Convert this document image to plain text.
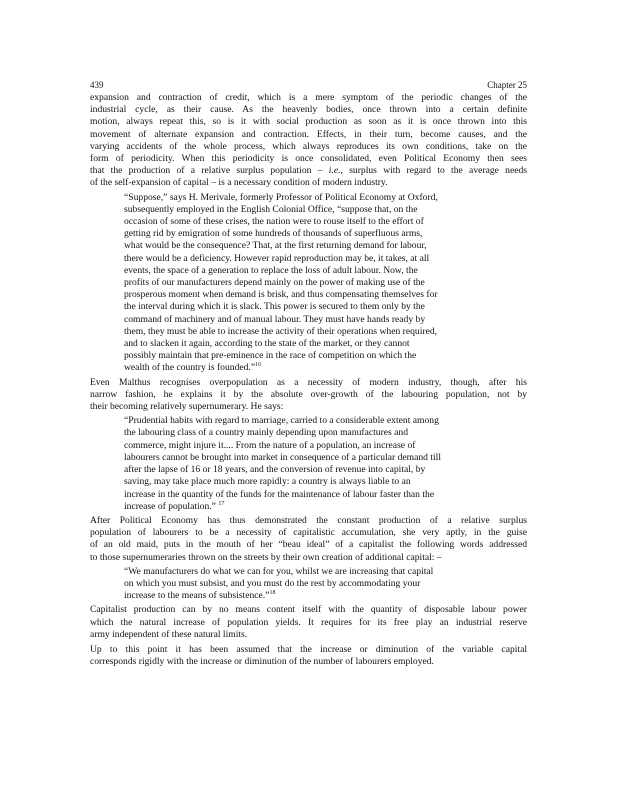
439	Chapter 25
expansion and contraction of credit, which is a mere symptom of the periodic changes of the
industrial cycle, as their cause. As the heavenly bodies, once thrown into a certain definite
motion, always repeat this, so is it with social production as soon as it is once thrown into this
movement of alternate expansion and contraction. Effects, in their turn, become causes, and the
varying accidents of the whole process, which always reproduces its own conditions, take on the
form of periodicity. When this periodicity is once consolidated, even Political Economy then sees
that the production of a relative surplus population – i.e., surplus with regard to the average needs
of the self-expansion of capital – is a necessary condition of modern industry.
“Suppose,” says H. Merivale, formerly Professor of Political Economy at Oxford,
subsequently employed in the English Colonial Office, “suppose that, on the
occasion of some of these crises, the nation were to rouse itself to the effort of
getting rid by emigration of some hundreds of thousands of superfluous arms,
what would be the consequence? That, at the first returning demand for labour,
there would be a deficiency. However rapid reproduction may be, it takes, at all
events, the space of a generation to replace the loss of adult labour. Now, the
profits of our manufacturers depend mainly on the power of making use of the
prosperous moment when demand is brisk, and thus compensating themselves for
the interval during which it is slack. This power is secured to them only by the
command of machinery and of manual labour. They must have hands ready by
them, they must be able to increase the activity of their operations when required,
and to slacken it again, according to the state of the market, or they cannot
possibly maintain that pre-eminence in the race of competition on which the
wealth of the country is founded.”$^{16}$
Even Malthus recognises overpopulation as a necessity of modern industry, though, after his
narrow fashion, he explains it by the absolute over-growth of the labouring population, not by
their becoming relatively supernumerary. He says:
“Prudential habits with regard to marriage, carried to a considerable extent among
the labouring class of a country mainly depending upon manufactures and
commerce, might injure it.... From the nature of a population, an increase of
labourers cannot be brought into market in consequence of a particular demand till
after the lapse of 16 or 18 years, and the conversion of revenue into capital, by
saving, may take place much more rapidly: a country is always liable to an
increase in the quantity of the funds for the maintenance of labour faster than the
increase of population.” $^{17}$
After Political Economy has thus demonstrated the constant production of a relative surplus
population of labourers to be a necessity of capitalistic accumulation, she very aptly, in the guise
of an old maid, puts in the mouth of her “beau ideal” of a capitalist the following words addressed
to those supernumeraries thrown on the streets by their own creation of additional capital: –
“We manufacturers do what we can for you, whilst we are increasing that capital
on which you must subsist, and you must do the rest by accommodating your
increase to the means of subsistence.”$^{18}$
Capitalist production can by no means content itself with the quantity of disposable labour power
which the natural increase of population yields. It requires for its free play an industrial reserve
army independent of these natural limits.
Up to this point it has been assumed that the increase or diminution of the variable capital
corresponds rigidly with the increase or diminution of the number of labourers employed.
